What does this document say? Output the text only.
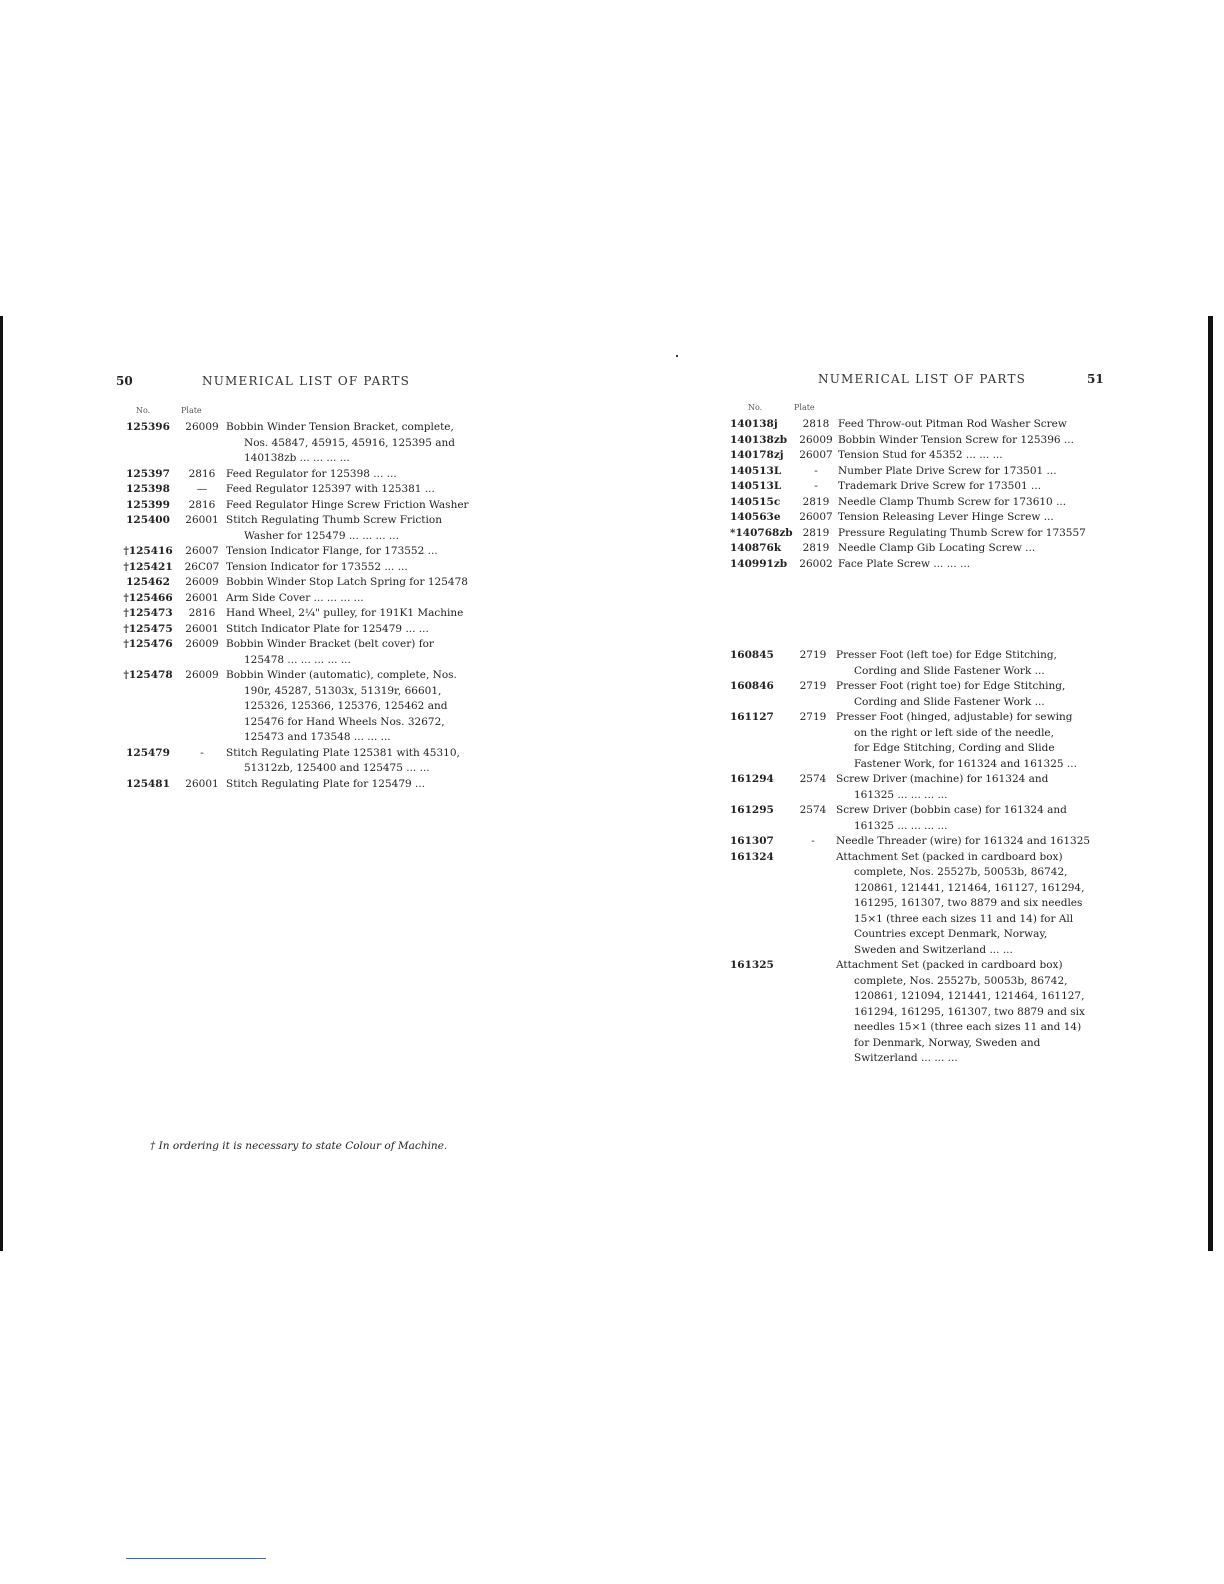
50	NUMERICAL LIST OF PARTS
No.	Plate
125396	26009 Bobbin Winder Tension Bracket, complete,
Nos. 45847, 45915, 45916, 125395 and
140138zb ... ... ... ...
125397	2816	Feed Regulator for 125398 ... ...
125398	—	Feed Regulator 125397 with 125381 ...
125399	2816	Feed Regulator Hinge Screw Friction Washer
125400	26001 Stitch Regulating Thumb Screw Friction
Washer for 125479 ... ... ... ...
†125416	26007 Tension Indicator Flange, for 173552 ...
†125421	26C07 Tension Indicator for 173552 ... ...
125462	26009 Bobbin Winder Stop Latch Spring for 125478
†125466	26001 Arm Side Cover ... ... ... ...
†125473	2816	Hand Wheel, 2¼" pulley, for 191K1 Machine
†125475	26001 Stitch Indicator Plate for 125479 ... ...
†125476	26009 Bobbin Winder Bracket (belt cover) for
125478 ... ... ... ... ...
†125478	26009 Bobbin Winder (automatic), complete, Nos.
190r, 45287, 51303x, 51319r, 66601,
125326, 125366, 125376, 125462 and
125476 for Hand Wheels Nos. 32672,
125473 and 173548 ... ... ...
125479	-	Stitch Regulating Plate 125381 with 45310,
51312zb, 125400 and 125475 ... ...
125481	26001 Stitch Regulating Plate for 125479 ...
† In ordering it is necessary to state Colour of Machine.
NUMERICAL LIST OF PARTS	51
No.	Plate
140138j	2818 Feed Throw-out Pitman Rod Washer Screw
140138zb	26009 Bobbin Winder Tension Screw for 125396 ...
140178zj	26007 Tension Stud for 45352 ... ... ...
140513L	-	Number Plate Drive Screw for 173501 ...
140513L	-	Trademark Drive Screw for 173501 ...
140515c	2819 Needle Clamp Thumb Screw for 173610 ...
140563e	26007 Tension Releasing Lever Hinge Screw ...
*140768zb 2819 Pressure Regulating Thumb Screw for 173557
140876k	2819 Needle Clamp Gib Locating Screw ...
140991zb	26002 Face Plate Screw ... ... ...
160845	2719 Presser Foot (left toe) for Edge Stitching,
Cording and Slide Fastener Work ...
160846	2719 Presser Foot (right toe) for Edge Stitching,
Cording and Slide Fastener Work ...
161127	2719 Presser Foot (hinged, adjustable) for sewing
on the right or left side of the needle,
for Edge Stitching, Cording and Slide
Fastener Work, for 161324 and 161325 ...
161294	2574 Screw Driver (machine) for 161324 and
161325 ... ... ... ...
161295	2574 Screw Driver (bobbin case) for 161324 and
161325 ... ... ... ...
161307	-	Needle Threader (wire) for 161324 and 161325
161324	Attachment Set (packed in cardboard box)
complete, Nos. 25527b, 50053b, 86742,
120861, 121441, 121464, 161127, 161294,
161295, 161307, two 8879 and six needles
15×1 (three each sizes 11 and 14) for All
Countries except Denmark, Norway,
Sweden and Switzerland ... ...
161325	Attachment Set (packed in cardboard box)
complete, Nos. 25527b, 50053b, 86742,
120861, 121094, 121441, 121464, 161127,
161294, 161295, 161307, two 8879 and six
needles 15×1 (three each sizes 11 and 14)
for Denmark, Norway, Sweden and
Switzerland ... ... ...
